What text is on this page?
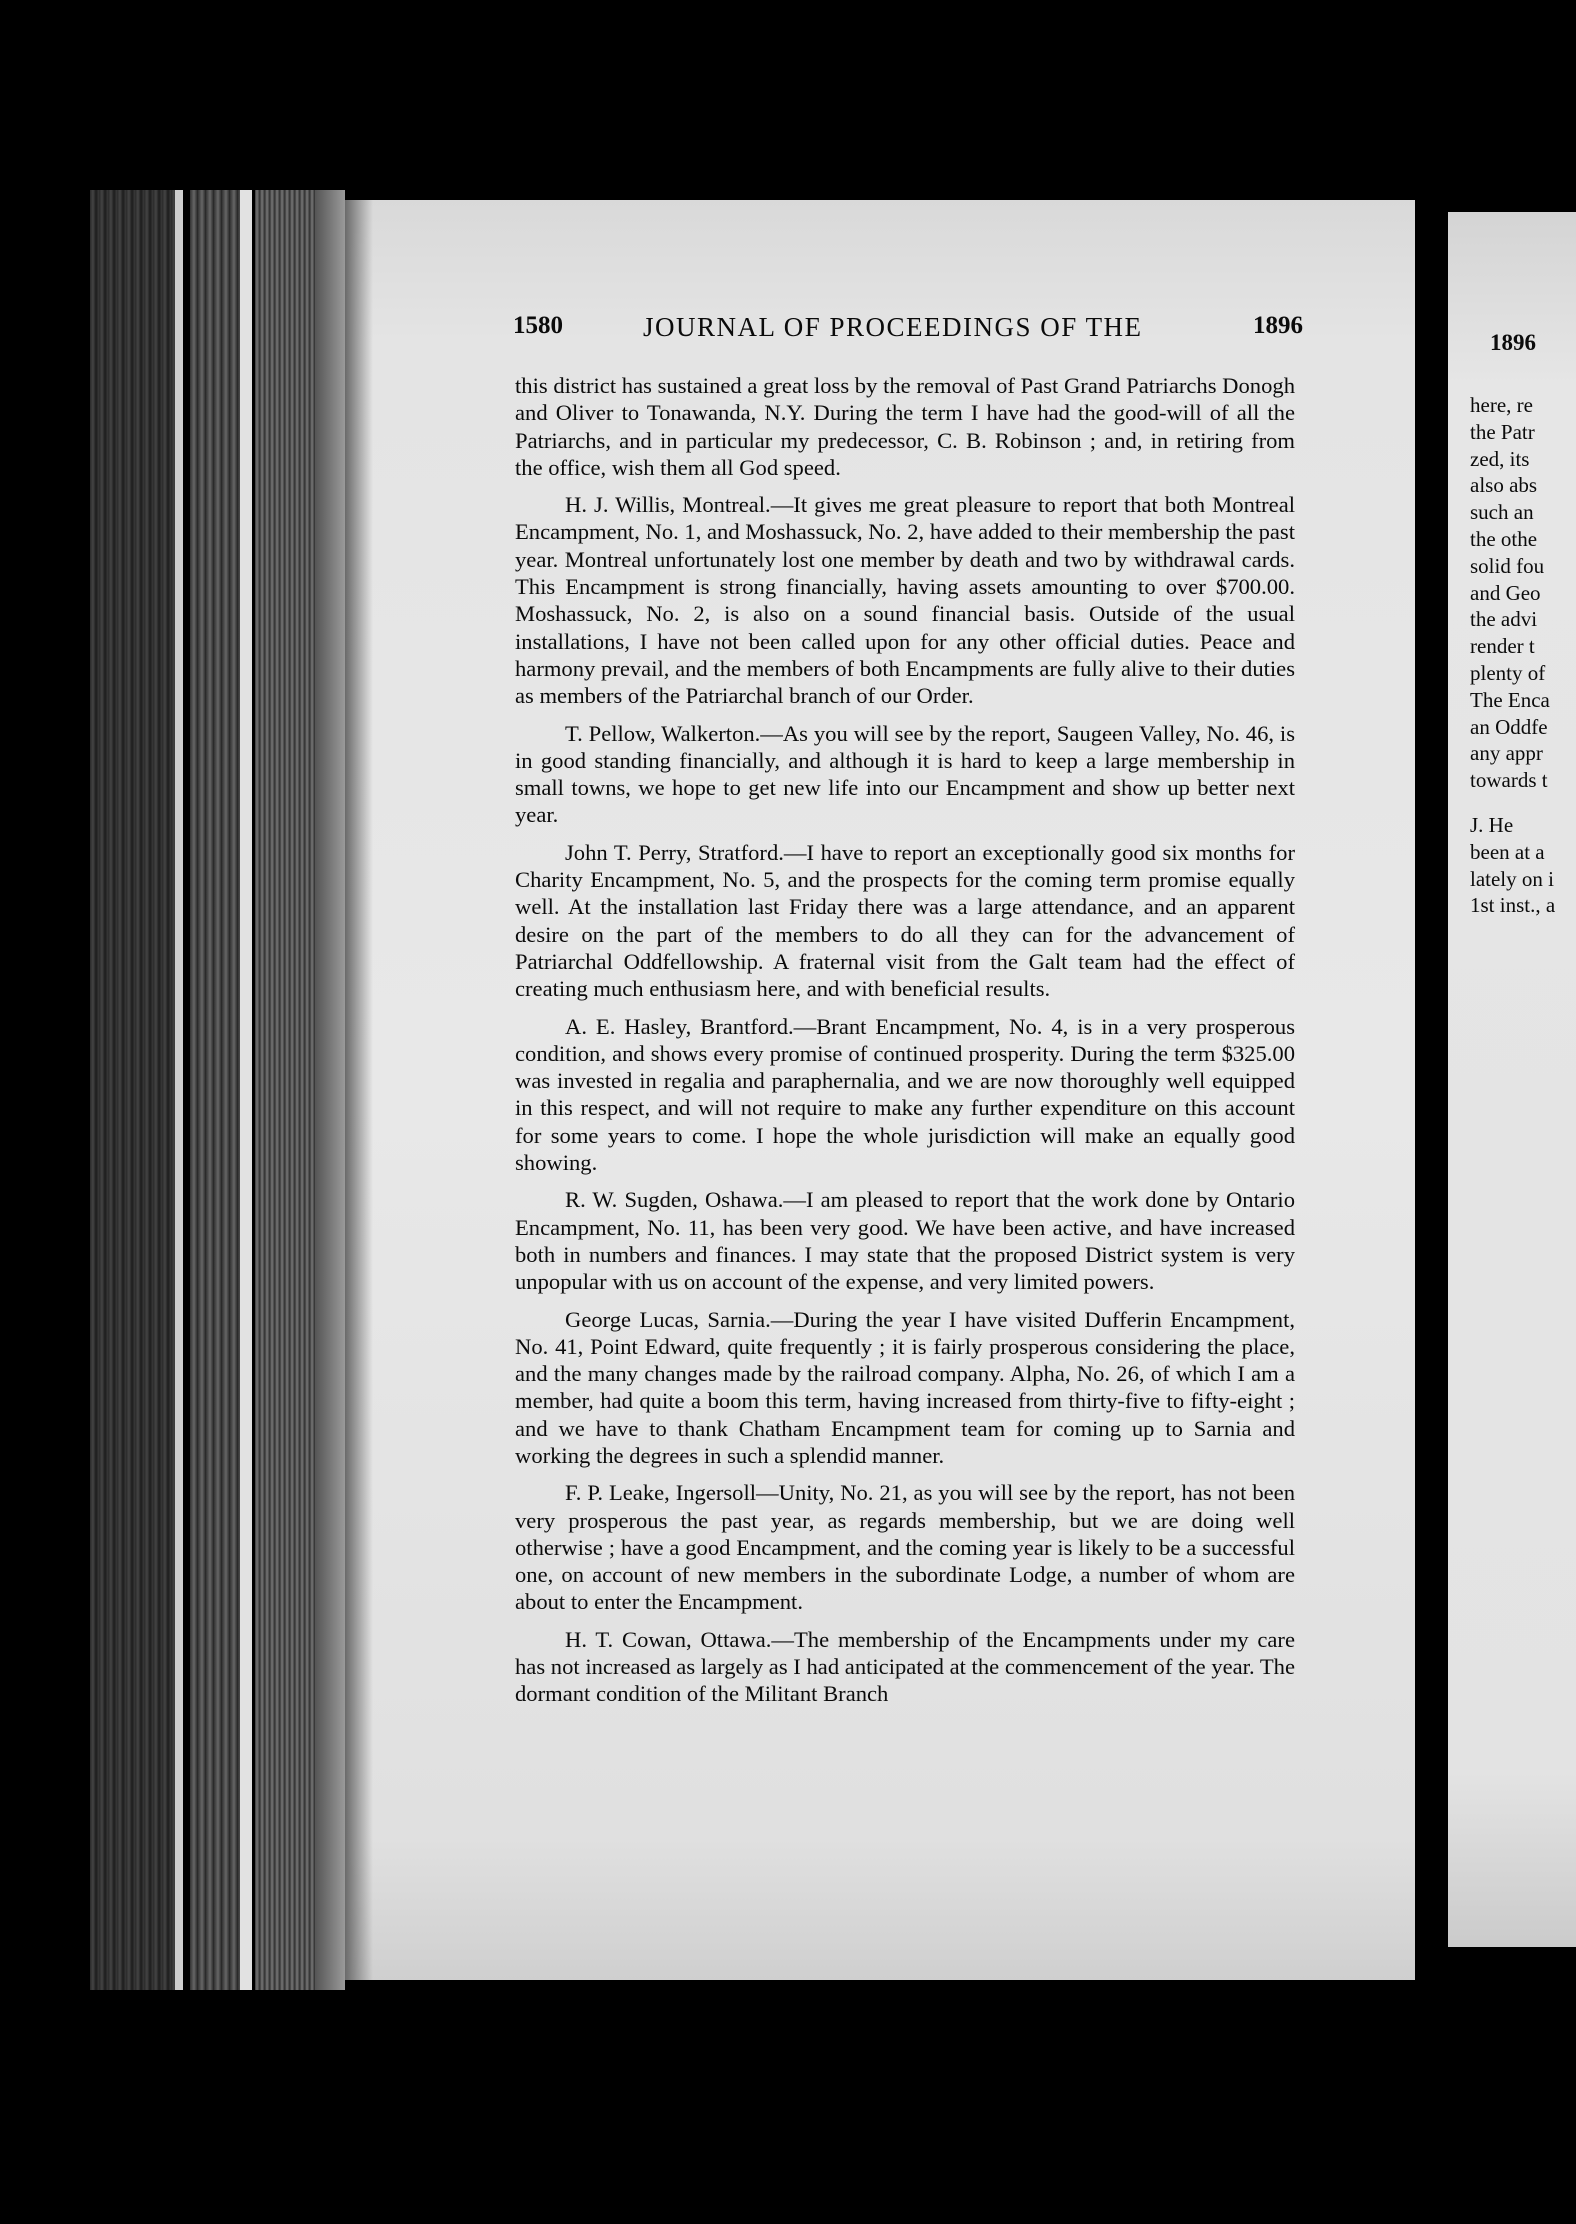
1580	JOURNAL OF PROCEEDINGS OF THE	1896

this district has sustained a great loss by the removal of Past Grand Patriarchs Donogh and Oliver to Tonawanda, N.Y. During the term I have had the good-will of all the Patriarchs, and in particular my predecessor, C. B. Robinson ; and, in retiring from the office, wish them all God speed.

H. J. Willis, Montreal.—It gives me great pleasure to report that both Montreal Encampment, No. 1, and Moshassuck, No. 2, have added to their membership the past year. Montreal unfortunately lost one member by death and two by withdrawal cards. This Encampment is strong financially, having assets amounting to over $700.00. Moshassuck, No. 2, is also on a sound financial basis. Outside of the usual installations, I have not been called upon for any other official duties. Peace and harmony prevail, and the members of both Encampments are fully alive to their duties as members of the Patriarchal branch of our Order.

T. Pellow, Walkerton.—As you will see by the report, Saugeen Valley, No. 46, is in good standing financially, and although it is hard to keep a large membership in small towns, we hope to get new life into our Encampment and show up better next year.

John T. Perry, Stratford.—I have to report an exceptionally good six months for Charity Encampment, No. 5, and the prospects for the coming term promise equally well. At the installation last Friday there was a large attendance, and an apparent desire on the part of the members to do all they can for the advancement of Patriarchal Oddfellowship. A fraternal visit from the Galt team had the effect of creating much enthusiasm here, and with beneficial results.

A. E. Hasley, Brantford.—Brant Encampment, No. 4, is in a very prosperous condition, and shows every promise of continued prosperity. During the term $325.00 was invested in regalia and paraphernalia, and we are now thoroughly well equipped in this respect, and will not require to make any further expenditure on this account for some years to come. I hope the whole jurisdiction will make an equally good showing.

R. W. Sugden, Oshawa.—I am pleased to report that the work done by Ontario Encampment, No. 11, has been very good. We have been active, and have increased both in numbers and finances. I may state that the proposed District system is very unpopular with us on account of the expense, and very limited powers.

George Lucas, Sarnia.—During the year I have visited Dufferin Encampment, No. 41, Point Edward, quite frequently ; it is fairly prosperous considering the place, and the many changes made by the railroad company. Alpha, No. 26, of which I am a member, had quite a boom this term, having increased from thirty-five to fifty-eight ; and we have to thank Chatham Encampment team for coming up to Sarnia and working the degrees in such a splendid manner.

F. P. Leake, Ingersoll—Unity, No. 21, as you will see by the report, has not been very prosperous the past year, as regards membership, but we are doing well otherwise ; have a good Encampment, and the coming year is likely to be a successful one, on account of new members in the subordinate Lodge, a number of whom are about to enter the Encampment.

H. T. Cowan, Ottawa.—The membership of the Encampments under my care has not increased as largely as I had anticipated at the commencement of the year. The dormant condition of the Militant Branch

1896
here, re
the Patr
zed, its
also abs
such an
the othe
solid fou
and Geo
the advi
render t
plenty of
The Enca
an Oddfe
any appr
towards t
J. He
been at a
lately on i
1st inst., a
